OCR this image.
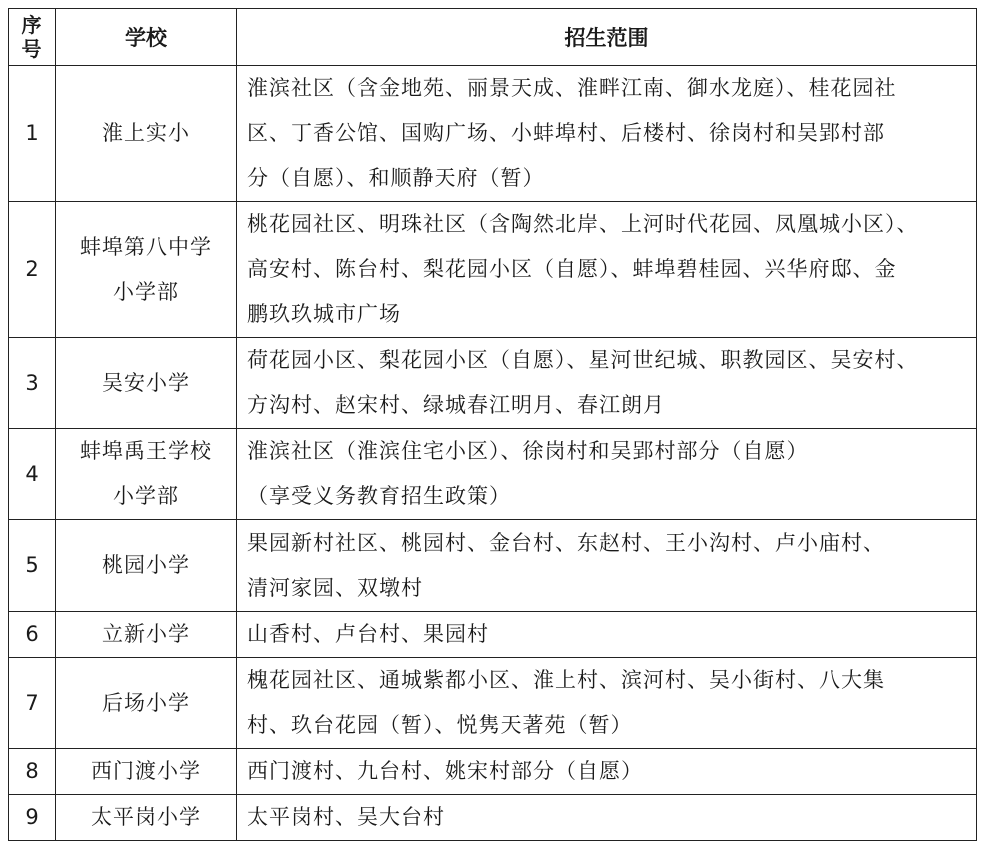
序
号	学校	招生范围
1	淮上实小	淮滨社区（含金地苑、丽景天成、淮畔江南、御水龙庭）、桂花园社
区、丁香公馆、国购广场、小蚌埠村、后楼村、徐岗村和吴郢村部
分（自愿）、和顺静天府（暂）

2	蚌埠第八中学
小学部	桃花园社区、明珠社区（含陶然北岸、上河时代花园、凤凰城小区）、
高安村、陈台村、梨花园小区（自愿）、蚌埠碧桂园、兴华府邸、金
鹏玖玖城市广场

3	吴安小学	荷花园小区、梨花园小区（自愿）、星河世纪城、职教园区、吴安村、
方沟村、赵宋村、绿城春江明月、春江朗月

4	蚌埠禹王学校
小学部	淮滨社区（淮滨住宅小区）、徐岗村和吴郢村部分（自愿）
（享受义务教育招生政策）

5	桃园小学	果园新村社区、桃园村、金台村、东赵村、王小沟村、卢小庙村、
清河家园、双墩村

6	立新小学	山香村、卢台村、果园村

7	后场小学	槐花园社区、通城紫都小区、淮上村、滨河村、吴小街村、八大集
村、玖台花园（暂）、悦隽天著苑（暂）

8	西门渡小学	西门渡村、九台村、姚宋村部分（自愿）

9	太平岗小学	太平岗村、吴大台村
